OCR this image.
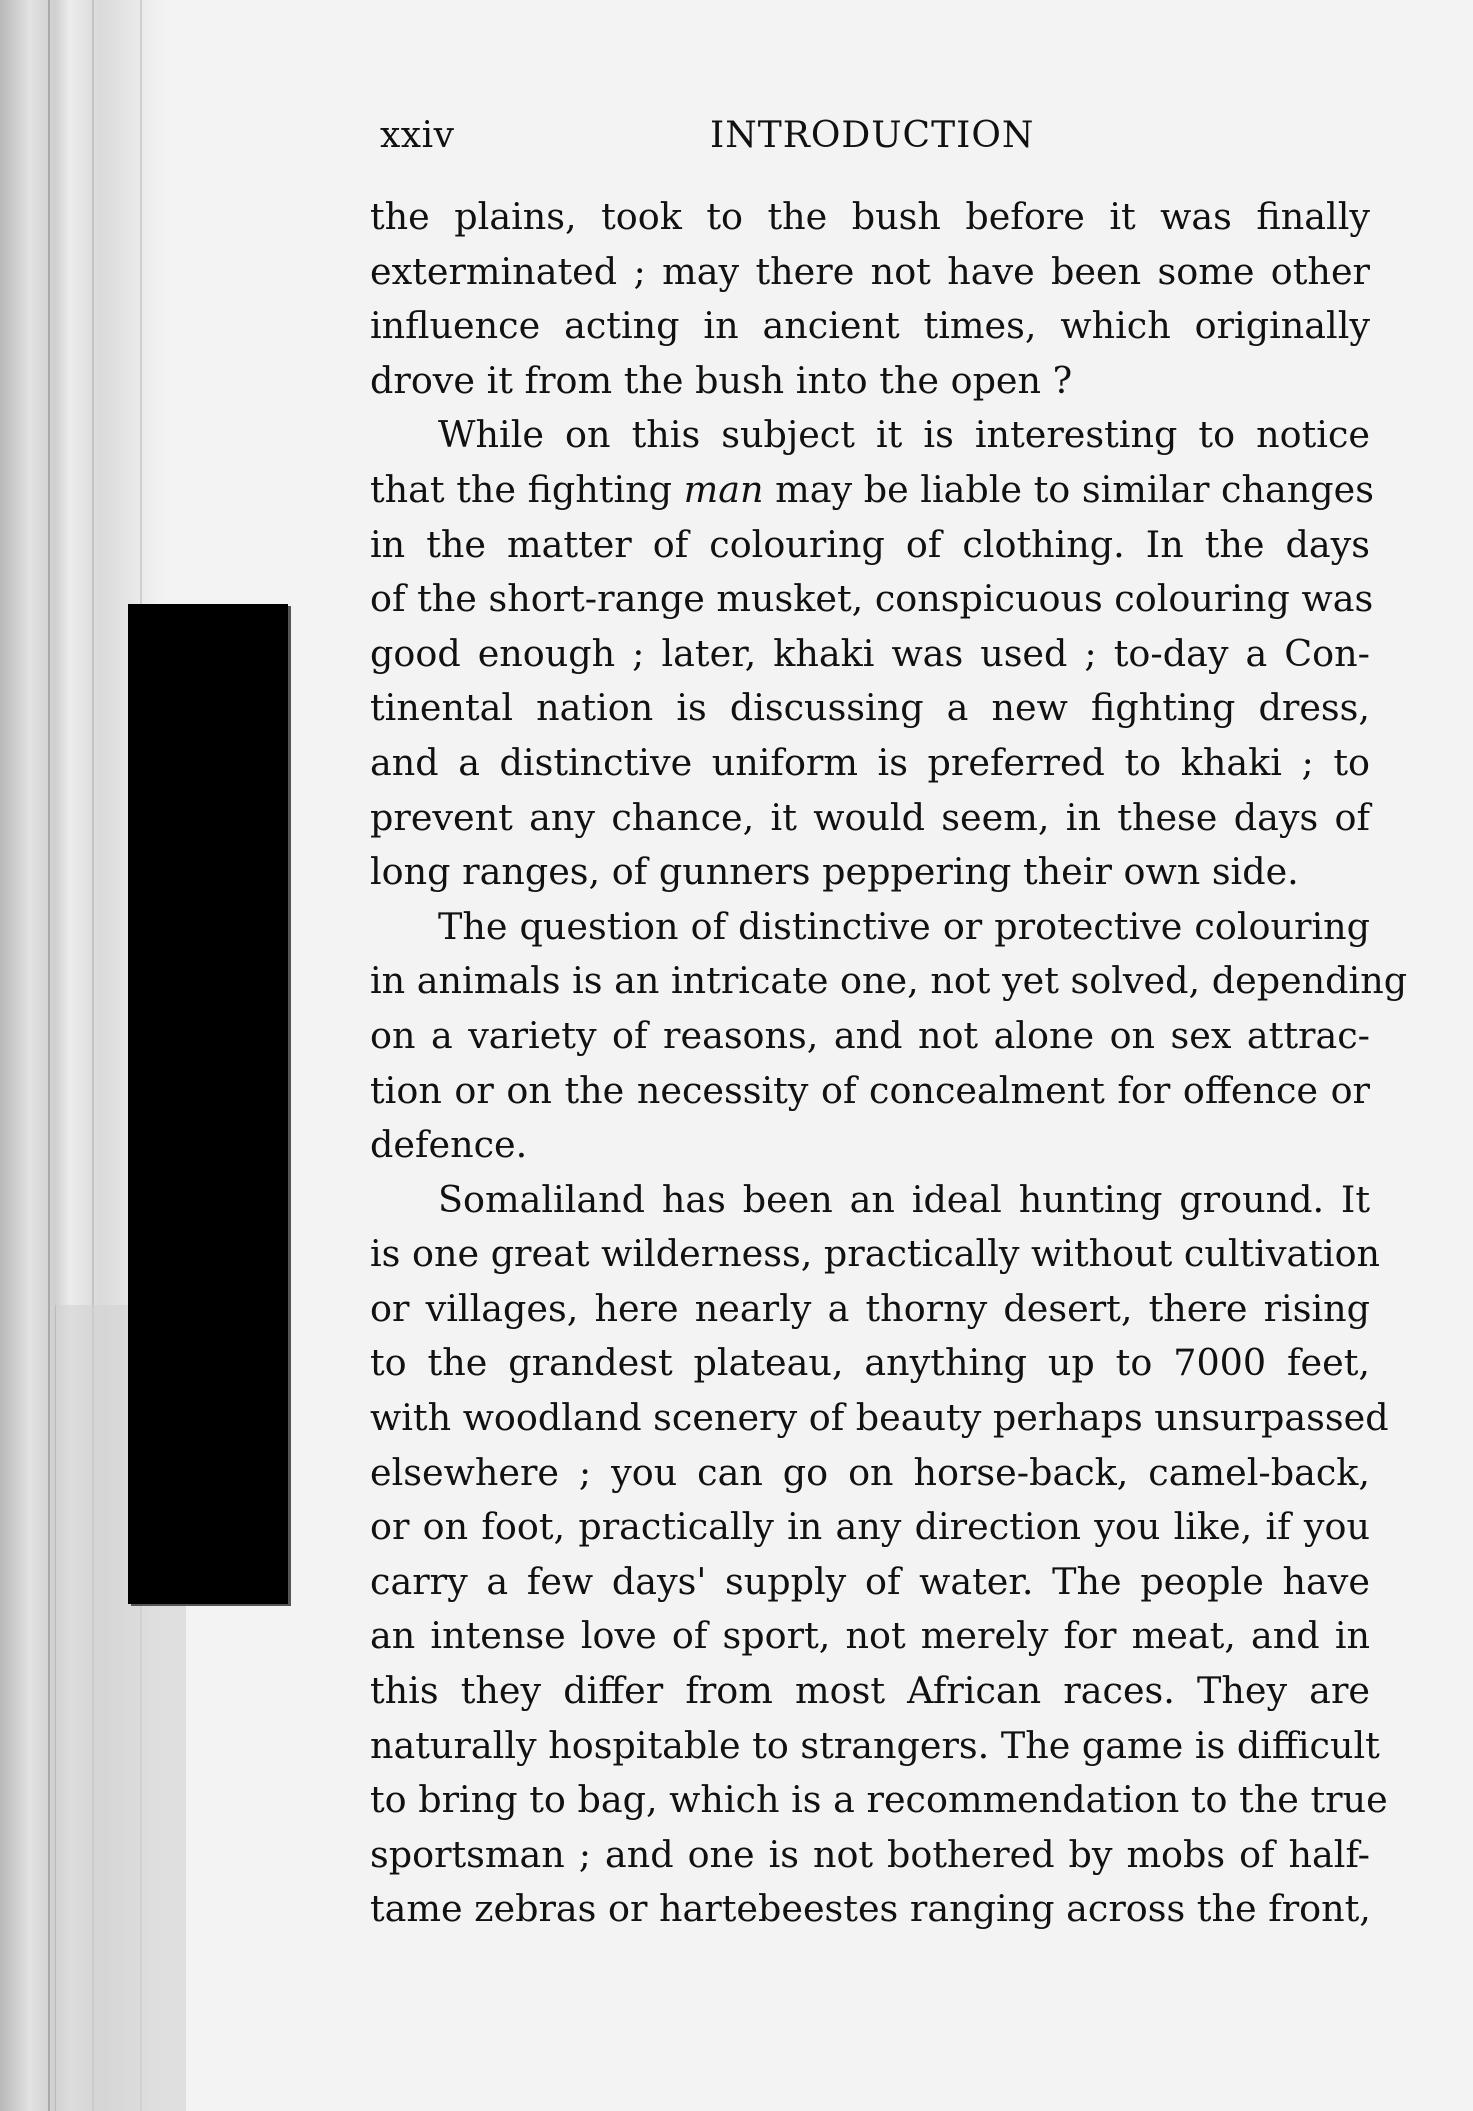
xxiv	INTRODUCTION
the plains, took to the bush before it was finally
exterminated ; may there not have been some other
influence acting in ancient times, which originally
drove it from the bush into the open ?
While on this subject it is interesting to notice
that the fighting man may be liable to similar changes
in the matter of colouring of clothing. In the days
of the short-range musket, conspicuous colouring was
good enough ; later, khaki was used ; to-day a Con-
tinental nation is discussing a new fighting dress,
and a distinctive uniform is preferred to khaki ; to
prevent any chance, it would seem, in these days of
long ranges, of gunners peppering their own side.
The question of distinctive or protective colouring
in animals is an intricate one, not yet solved, depending
on a variety of reasons, and not alone on sex attrac-
tion or on the necessity of concealment for offence or
defence.
Somaliland has been an ideal hunting ground. It
is one great wilderness, practically without cultivation
or villages, here nearly a thorny desert, there rising
to the grandest plateau, anything up to 7000 feet,
with woodland scenery of beauty perhaps unsurpassed
elsewhere ; you can go on horse-back, camel-back,
or on foot, practically in any direction you like, if you
carry a few days' supply of water. The people have
an intense love of sport, not merely for meat, and in
this they differ from most African races. They are
naturally hospitable to strangers. The game is difficult
to bring to bag, which is a recommendation to the true
sportsman ; and one is not bothered by mobs of half-
tame zebras or hartebeestes ranging across the front,
